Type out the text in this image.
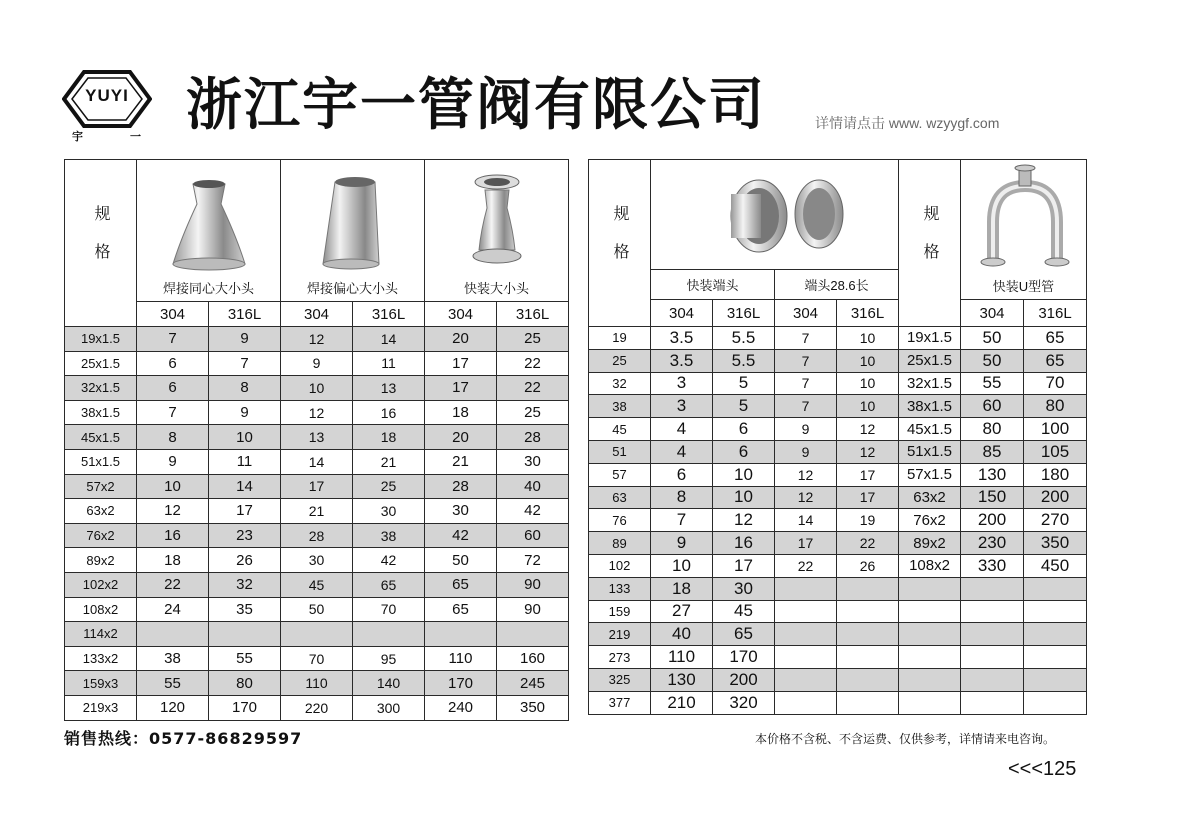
YUYI
宇	一 浙江宇一管阀有限公司	详情请点击 www. wzyygf.com
规格	焊接同心大小头		焊接偏心大小头		快装大小头	

	304	316L	304	316L	304	316L
19x1.5	7	9	12	14	20	25
25x1.5	6	7	9	11	17	22
32x1.5	6	8	10	13	17	22
38x1.5	7	9	12	16	18	25
45x1.5	8	10	13	18	20	28
51x1.5	9	11	14	21	21	30
57x2	10	14	17	25	28	40
63x2	12	17	21	30	30	42
76x2	16	23	28	38	42	60
89x2	18	26	30	42	50	72
102x2	22	32	45	65	65	90
108x2	24	35	50	70	65	90
114x2						
133x2	38	55	70	95	110	160
159x3	55	80	110	140	170	245
219x3	120	170	220	300	240	350
规格					规格	快装U型管	

	快装端头		端头28.6长				
	304	316L	304	316L		304	316L
19	3.5	5.5	7	10	19x1.5	50	65
25	3.5	5.5	7	10	25x1.5	50	65
32	3	5	7	10	32x1.5	55	70
38	3	5	7	10	38x1.5	60	80
45	4	6	9	12	45x1.5	80	100
51	4	6	9	12	51x1.5	85	105
57	6	10	12	17	57x1.5	130	180
63	8	10	12	17	63x2	150	200
76	7	12	14	19	76x2	200	270
89	9	16	17	22	89x2	230	350
102	10	17	22	26	108x2	330	450
133	18	30					
159	27	45					
219	40	65					
273	110	170					
325	130	200					
377	210	320					
销售热线：0577-86829597	本价格不含税、不含运费、仅供参考，详情请来电咨询。
<<<125
